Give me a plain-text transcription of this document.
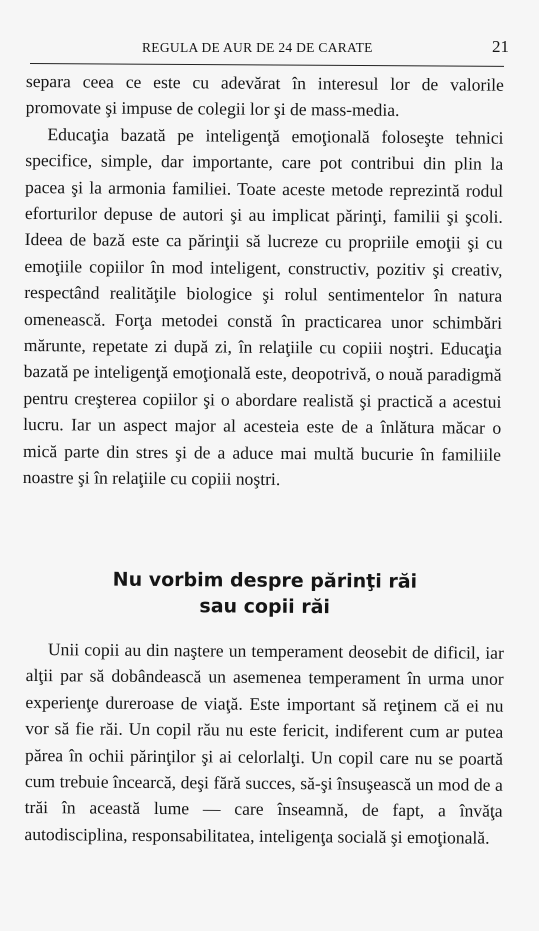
REGULA DE AUR DE 24 DE CARATE	21

separa ceea ce este cu adevărat în interesul lor de valorile promovate şi impuse de colegii lor şi de mass-media.

Educaţia bazată pe inteligenţă emoţională foloseşte tehnici specifice, simple, dar importante, care pot contribui din plin la pacea şi la armonia familiei. Toate aceste metode reprezintă rodul eforturilor depuse de autori şi au implicat părinţi, familii şi şcoli. Ideea de bază este ca părinţii să lucreze cu propriile emoţii şi cu emoţiile copiilor în mod inteligent, constructiv, pozitiv şi creativ, respectând realităţile biologice şi rolul sentimentelor în natura omenească. Forţa metodei constă în practicarea unor schimbări mărunte, repetate zi după zi, în relaţiile cu copiii noştri. Educaţia bazată pe inteligenţă emoţională este, deopotrivă, o nouă paradigmă pentru creşterea copiilor şi o abordare realistă şi practică a acestui lucru. Iar un aspect major al acesteia este de a înlătura măcar o mică parte din stres şi de a aduce mai multă bucurie în familiile noastre şi în relaţiile cu copiii noştri.

Nu vorbim despre părinţi răi
sau copii răi

Unii copii au din naştere un temperament deosebit de dificil, iar alţii par să dobândească un asemenea temperament în urma unor experienţe dureroase de viaţă. Este important să reţinem că ei nu vor să fie răi. Un copil rău nu este fericit, indiferent cum ar putea părea în ochii părinţilor şi ai celorlalţi. Un copil care nu se poartă cum trebuie încearcă, deşi fără succes, să-şi însuşească un mod de a trăi în această lume — care înseamnă, de fapt, a învăţa autodisciplina, responsabilitatea, inteligenţa socială şi emoţională.
